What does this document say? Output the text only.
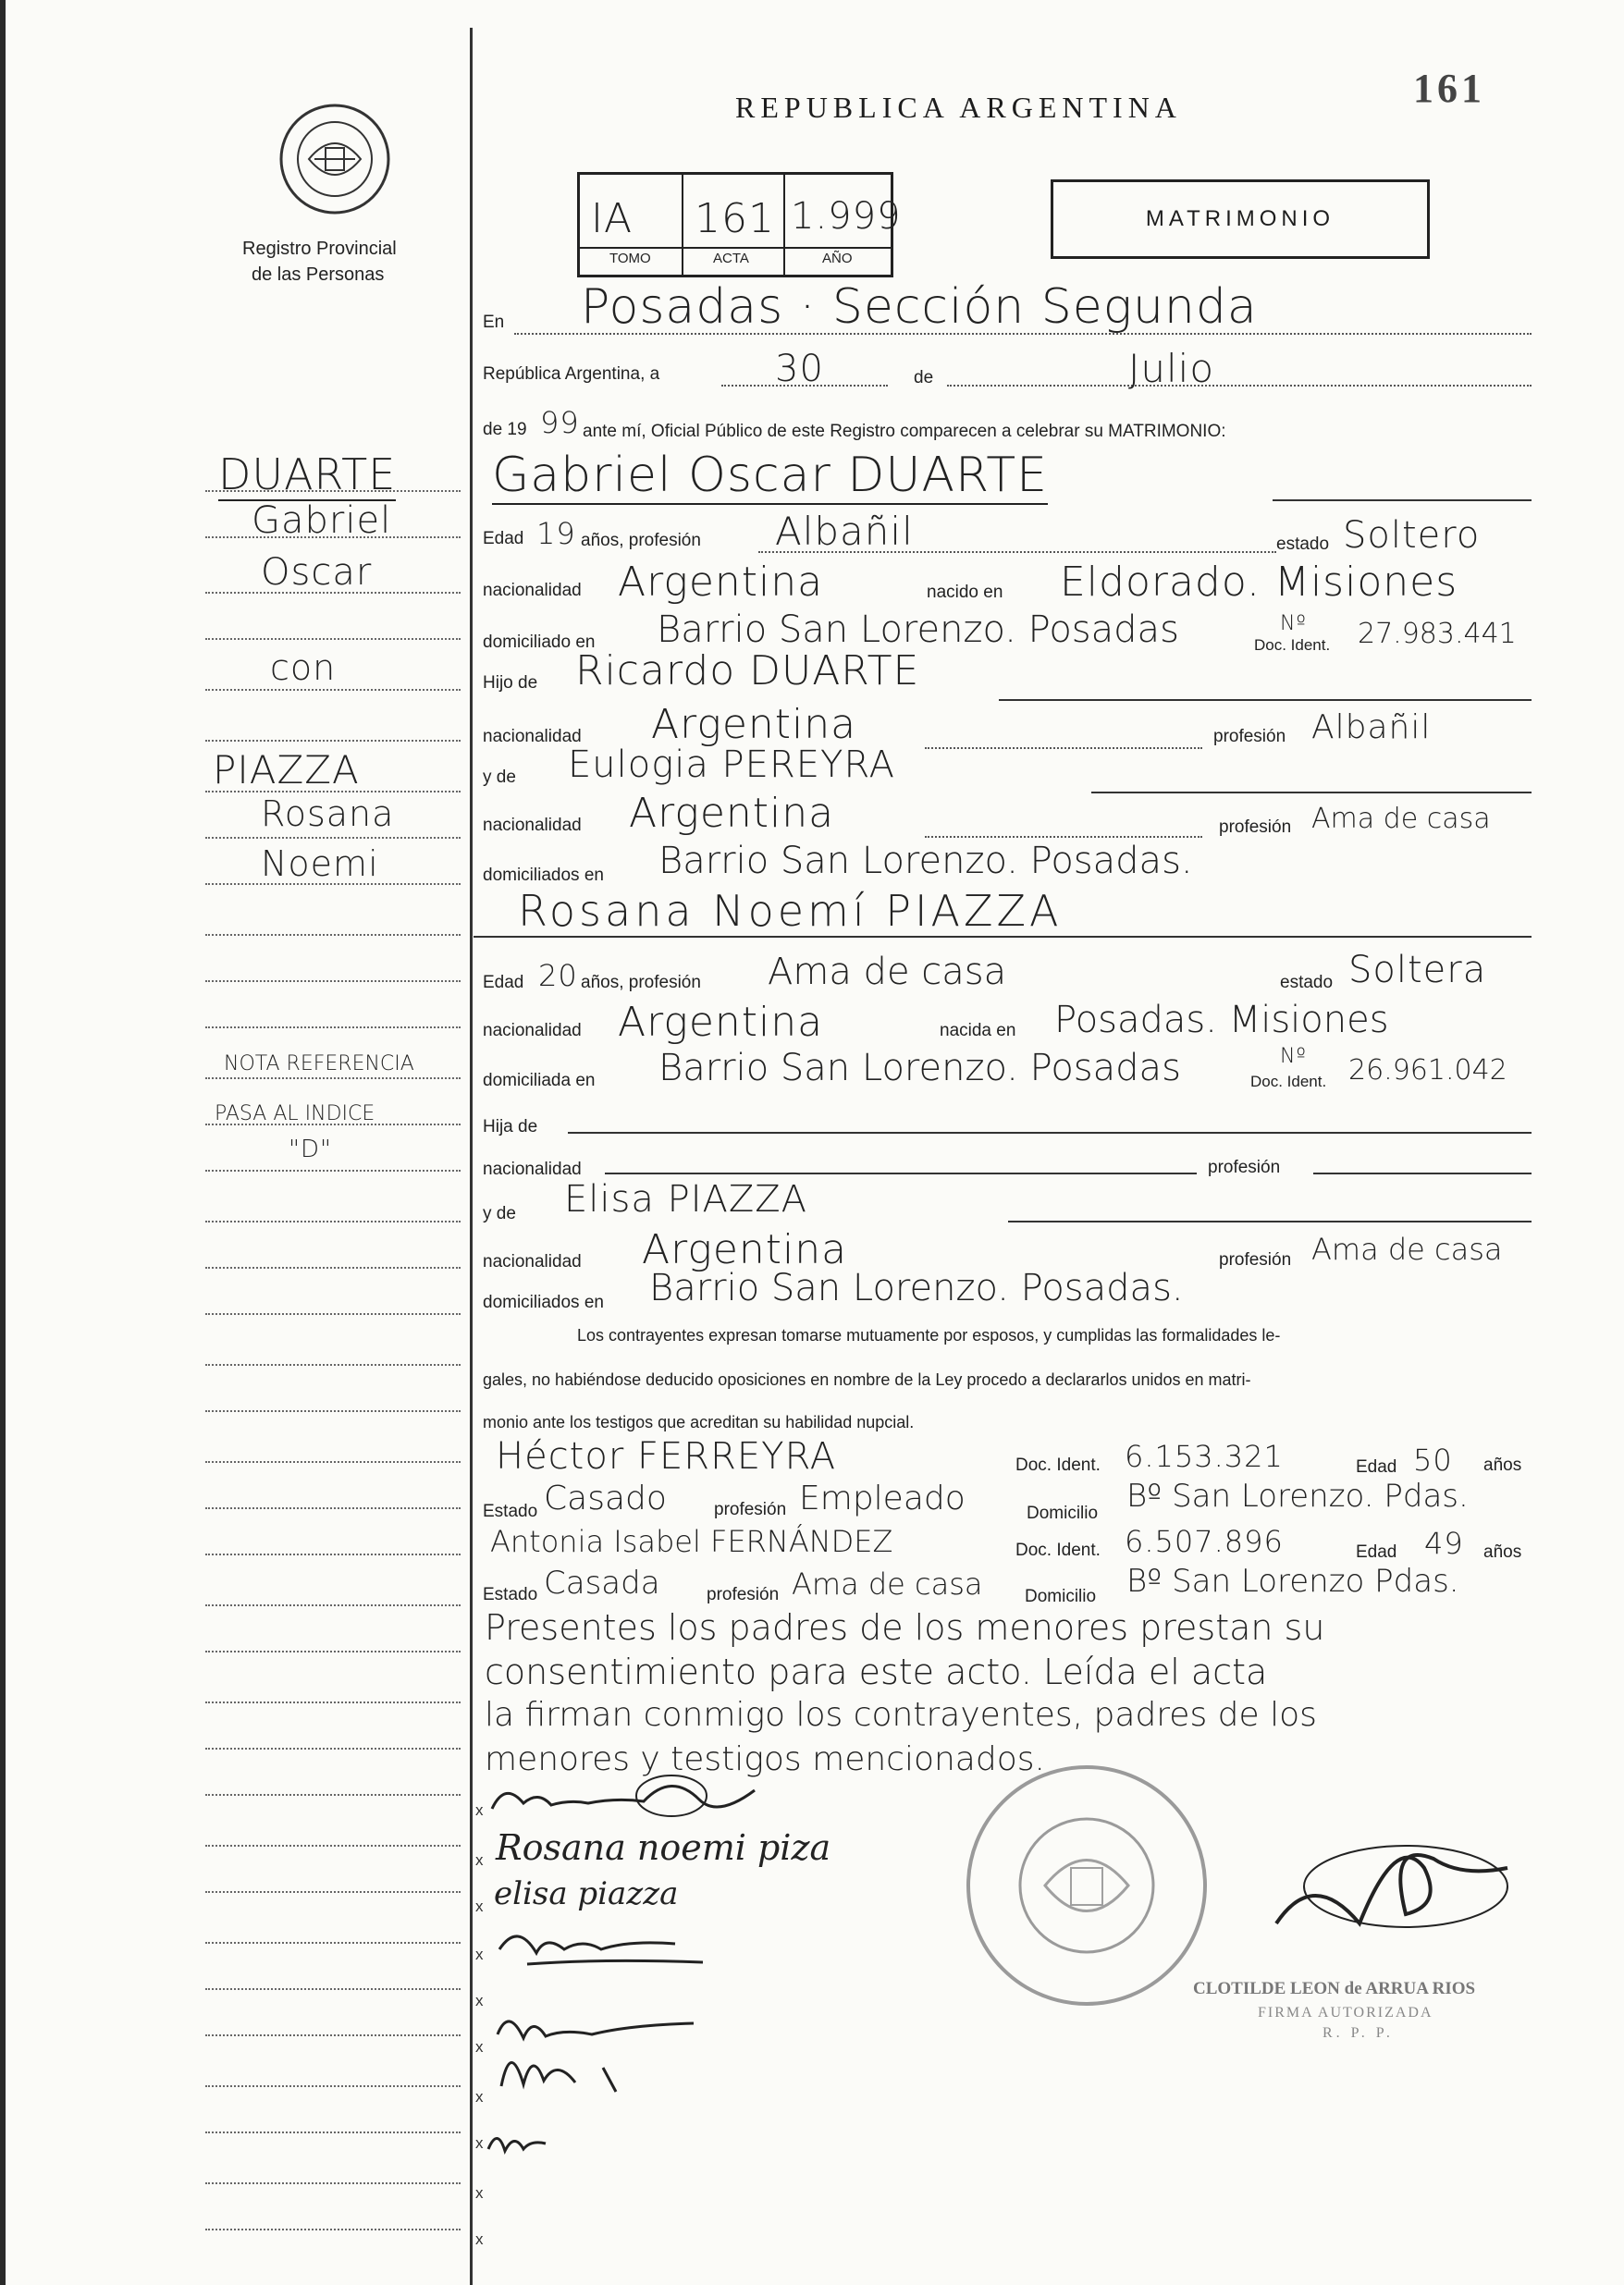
Registro Provincial
de las Personas
REPUBLICA ARGENTINA	161
IA 161 1.999
TOMO	ACTA	AÑO
MATRIMONIO
DUARTE
Gabriel
Oscar
con
PIAZZA
Rosana
Noemi
NOTA REFERENCIA
PASA AL INDICE
"D"
En Posadas · Sección Segunda
República Argentina, a	30	de	Julio
de 19 99 ante mí, Oficial Público de este Registro comparecen a celebrar su MATRIMONIO:
Gabriel Oscar DUARTE
Edad 19 años, profesión Albañil	estado Soltero
nacionalidad Argentina	nacido en Eldorado. Misiones
domiciliado en Barrio San Lorenzo. Posadas	Doc. Ident.
Nº 27.983.441
Hijo de Ricardo DUARTE
nacionalidad Argentina	profesión Albañil
y de Eulogia PEREYRA
nacionalidad Argentina	profesión Ama de casa
domiciliados en Barrio San Lorenzo. Posadas.
Rosana Noemí PIAZZA
Edad 20 años, profesión Ama de casa	estado Soltera
nacionalidad Argentina	nacida en Posadas. Misiones
domiciliada en Barrio San Lorenzo. Posadas	Doc. Ident.
Nº 26.961.042
Hija de
nacionalidad	profesión
y de Elisa PIAZZA
nacionalidad Argentina	profesión Ama de casa
domiciliados en Barrio San Lorenzo. Posadas.
Los contrayentes expresan tomarse mutuamente por esposos, y cumplidas las formalidades le-
gales, no habiéndose deducido oposiciones en nombre de la Ley procedo a declararlos unidos en matri-
monio ante los testigos que acreditan su habilidad nupcial.
Héctor FERREYRA	Doc. Ident. 6.153.321	Edad 50 años
Estado Casado	profesión Empleado	Domicilio Bº San Lorenzo. Pdas.
Antonia Isabel FERNÁNDEZ	Doc. Ident. 6.507.896	Edad 49 años
Estado Casada	profesión Ama de casa Domicilio Bº San Lorenzo Pdas.
Presentes los padres de los menores prestan su
consentimiento para este acto. Leída el acta
la firman conmigo los contrayentes, padres de los
menores y testigos mencionados.
x
x Rosana noemi piza
x elisa piazza
x
x
x
x
x
x
x
CLOTILDE LEON de ARRUA RIOS
FIRMA AUTORIZADA
R. P. P.
